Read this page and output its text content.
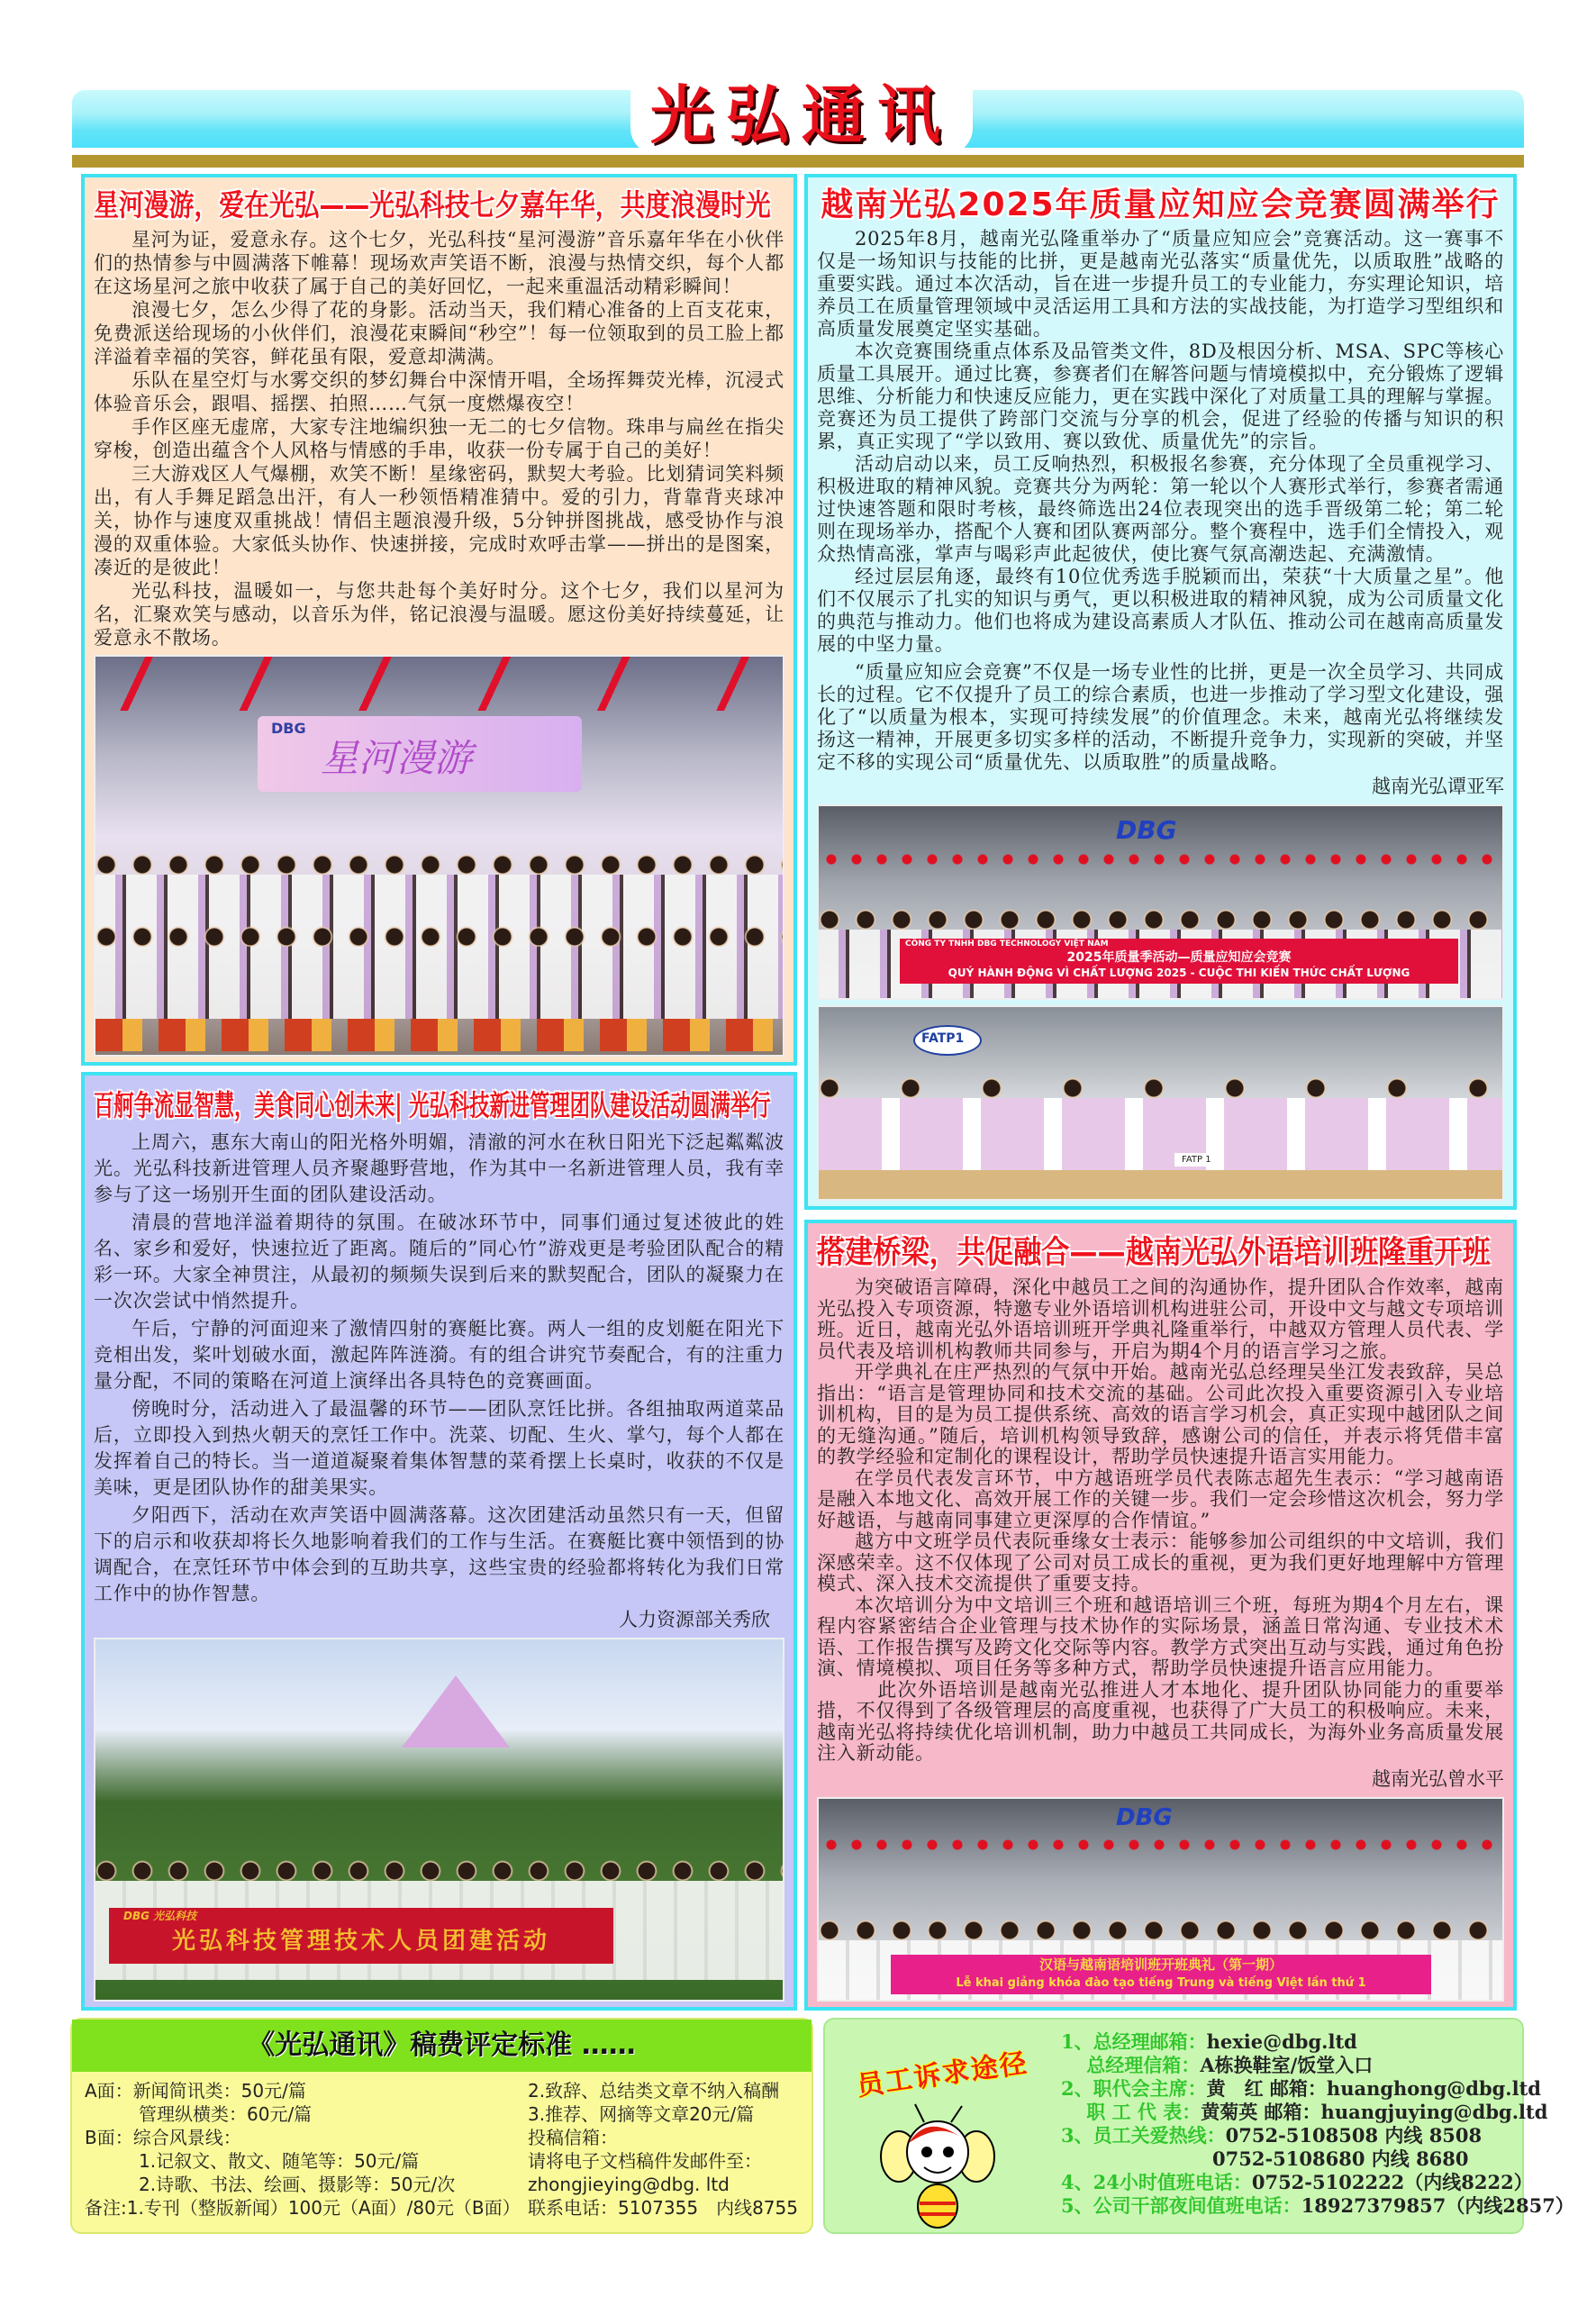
光弘通讯
星河漫游，爱在光弘——光弘科技七夕嘉年华，共度浪漫时光

星河为证，爱意永存。这个七夕，光弘科技“星河漫游”音乐嘉年华在小伙伴们的热情参与中圆满落下帷幕！现场欢声笑语不断，浪漫与热情交织，每个人都在这场星河之旅中收获了属于自己的美好回忆，一起来重温活动精彩瞬间！

浪漫七夕，怎么少得了花的身影。活动当天，我们精心准备的上百支花束，免费派送给现场的小伙伴们，浪漫花束瞬间“秒空”！每一位领取到的员工脸上都洋溢着幸福的笑容，鲜花虽有限，爱意却满满。

乐队在星空灯与水雾交织的梦幻舞台中深情开唱，全场挥舞荧光棒，沉浸式体验音乐会，跟唱、摇摆、拍照……气氛一度燃爆夜空！

手作区座无虚席，大家专注地编织独一无二的七夕信物。珠串与扁丝在指尖穿梭，创造出蕴含个人风格与情感的手串，收获一份专属于自己的美好！

三大游戏区人气爆棚，欢笑不断！星缘密码，默契大考验。比划猜词笑料频出，有人手舞足蹈急出汗，有人一秒领悟精准猜中。爱的引力，背靠背夹球冲关，协作与速度双重挑战！情侣主题浪漫升级，5分钟拼图挑战，感受协作与浪漫的双重体验。大家低头协作、快速拼接，完成时欢呼击掌——拼出的是图案，凑近的是彼此！

光弘科技，温暖如一，与您共赴每个美好时分。这个七夕，我们以星河为名，汇聚欢笑与感动，以音乐为伴，铭记浪漫与温暖。愿这份美好持续蔓延，让爱意永不散场。

DBG
星河漫游
越南光弘2025年质量应知应会竞赛圆满举行

2025年8月，越南光弘隆重举办了“质量应知应会”竞赛活动。这一赛事不仅是一场知识与技能的比拼，更是越南光弘落实“质量优先，以质取胜”战略的重要实践。通过本次活动，旨在进一步提升员工的专业能力，夯实理论知识，培养员工在质量管理领域中灵活运用工具和方法的实战技能，为打造学习型组织和高质量发展奠定坚实基础。

本次竞赛围绕重点体系及品管类文件，8D及根因分析、MSA、SPC等核心质量工具展开。通过比赛，参赛者们在解答问题与情境模拟中，充分锻炼了逻辑思维、分析能力和快速反应能力，更在实践中深化了对质量工具的理解与掌握。竞赛还为员工提供了跨部门交流与分享的机会，促进了经验的传播与知识的积累，真正实现了“学以致用、赛以致优、质量优先”的宗旨。

活动启动以来，员工反响热烈，积极报名参赛，充分体现了全员重视学习、积极进取的精神风貌。竞赛共分为两轮：第一轮以个人赛形式举行，参赛者需通过快速答题和限时考核，最终筛选出24位表现突出的选手晋级第二轮；第二轮则在现场举办，搭配个人赛和团队赛两部分。整个赛程中，选手们全情投入，观众热情高涨，掌声与喝彩声此起彼伏，使比赛气氛高潮迭起、充满激情。

经过层层角逐，最终有10位优秀选手脱颖而出，荣获“十大质量之星”。他们不仅展示了扎实的知识与勇气，更以积极进取的精神风貌，成为公司质量文化的典范与推动力。他们也将成为建设高素质人才队伍、推动公司在越南高质量发展的中坚力量。

“质量应知应会竞赛”不仅是一场专业性的比拼，更是一次全员学习、共同成长的过程。它不仅提升了员工的综合素质，也进一步推动了学习型文化建设，强化了“以质量为根本，实现可持续发展”的价值理念。未来，越南光弘将继续发扬这一精神，开展更多切实多样的活动，不断提升竞争力，实现新的突破，并坚定不移的实现公司“质量优先、以质取胜”的质量战略。

越南光弘谭亚军
DBG
CÔNG TY TNHH DBG TECHNOLOGY VIỆT NAM
2025年质量季活动—质量应知应会竞赛
QUÝ HÀNH ĐỘNG VÌ CHẤT LƯỢNG 2025 - CUỘC THI KIẾN THỨC CHẤT LƯỢNG
FATP1
FATP 1
百舸争流显智慧，美食同心创未来| 光弘科技新进管理团队建设活动圆满举行

上周六，惠东大南山的阳光格外明媚，清澈的河水在秋日阳光下泛起粼粼波光。光弘科技新进管理人员齐聚趣野营地，作为其中一名新进管理人员，我有幸参与了这一场别开生面的团队建设活动。

清晨的营地洋溢着期待的氛围。在破冰环节中，同事们通过复述彼此的姓名、家乡和爱好，快速拉近了距离。随后的”同心竹”游戏更是考验团队配合的精彩一环。大家全神贯注，从最初的频频失误到后来的默契配合，团队的凝聚力在一次次尝试中悄然提升。

午后，宁静的河面迎来了激情四射的赛艇比赛。两人一组的皮划艇在阳光下竞相出发，桨叶划破水面，激起阵阵涟漪。有的组合讲究节奏配合，有的注重力量分配，不同的策略在河道上演绎出各具特色的竞赛画面。

傍晚时分，活动进入了最温馨的环节——团队烹饪比拼。各组抽取两道菜品后，立即投入到热火朝天的烹饪工作中。洗菜、切配、生火、掌勺，每个人都在发挥着自己的特长。当一道道凝聚着集体智慧的菜肴摆上长桌时，收获的不仅是美味，更是团队协作的甜美果实。

夕阳西下，活动在欢声笑语中圆满落幕。这次团建活动虽然只有一天，但留下的启示和收获却将长久地影响着我们的工作与生活。在赛艇比赛中领悟到的协调配合，在烹饪环节中体会到的互助共享，这些宝贵的经验都将转化为我们日常工作中的协作智慧。

人力资源部关秀欣
DBG 光弘科技
光弘科技管理技术人员团建活动
搭建桥梁，共促融合——越南光弘外语培训班隆重开班

为突破语言障碍，深化中越员工之间的沟通协作，提升团队合作效率，越南光弘投入专项资源，特邀专业外语培训机构进驻公司，开设中文与越文专项培训班。近日，越南光弘外语培训班开学典礼隆重举行，中越双方管理人员代表、学员代表及培训机构教师共同参与，开启为期4个月的语言学习之旅。

开学典礼在庄严热烈的气氛中开始。越南光弘总经理吴坐江发表致辞，吴总指出：“语言是管理协同和技术交流的基础。公司此次投入重要资源引入专业培训机构，目的是为员工提供系统、高效的语言学习机会，真正实现中越团队之间的无缝沟通。”随后，培训机构领导致辞，感谢公司的信任，并表示将凭借丰富的教学经验和定制化的课程设计，帮助学员快速提升语言实用能力。

在学员代表发言环节，中方越语班学员代表陈志超先生表示：“学习越南语是融入本地文化、高效开展工作的关键一步。我们一定会珍惜这次机会，努力学好越语，与越南同事建立更深厚的合作情谊。”

越方中文班学员代表阮垂缘女士表示：能够参加公司组织的中文培训，我们深感荣幸。这不仅体现了公司对员工成长的重视，更为我们更好地理解中方管理模式、深入技术交流提供了重要支持。

本次培训分为中文培训三个班和越语培训三个班，每班为期4个月左右，课程内容紧密结合企业管理与技术协作的实际场景，涵盖日常沟通、专业技术术语、工作报告撰写及跨文化交际等内容。教学方式突出互动与实践，通过角色扮演、情境模拟、项目任务等多种方式，帮助学员快速提升语言应用能力。

此次外语培训是越南光弘推进人才本地化、提升团队协同能力的重要举措，不仅得到了各级管理层的高度重视，也获得了广大员工的积极响应。未来，越南光弘将持续优化培训机制，助力中越员工共同成长，为海外业务高质量发展注入新动能。

越南光弘曾水平
DBG
汉语与越南语培训班开班典礼（第一期）
Lễ khai giảng khóa đào tạo tiếng Trung và tiếng Việt lần thứ 1
《光弘通讯》稿费评定标准 ……
A面：新闻简讯类：50元/篇
　　　管理纵横类：60元/篇
B面：综合风景线：
　　　1.记叙文、散文、随笔等：50元/篇
　　　2.诗歌、书法、绘画、摄影等：50元/次
备注:1.专刊（整版新闻）100元（A面）/80元（B面）
2.致辞、总结类文章不纳入稿酬
3.推荐、网摘等文章20元/篇
投稿信箱：
请将电子文档稿件发邮件至：
zhongjieying@dbg. ltd
联系电话：5107355　内线8755
员工诉求途径
1、总经理邮箱：hexie@dbg.ltd
　 总经理信箱：A栋换鞋室/饭堂入口
2、职代会主席：黄　红 邮箱：huanghong@dbg.ltd
　 职 工 代 表：黄菊英 邮箱：huangjuying@dbg.ltd
3、员工关爱热线：0752-5108508 内线 8508
0752-5108680 内线 8680
4、24小时值班电话：0752-5102222（内线8222）
5、公司干部夜间值班电话：18927379857（内线2857）
